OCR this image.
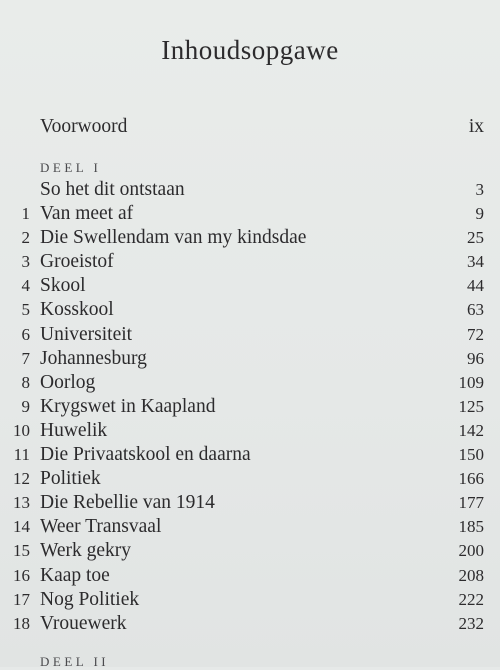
Inhoudsopgawe
Voorwoord	ix
DEEL I
So het dit ontstaan	3
1 Van meet af	9
2 Die Swellendam van my kindsdae	25
3 Groeistof	34
4 Skool	44
5 Kosskool	63
6 Universiteit	72
7 Johannesburg	96
8 Oorlog	109
9 Krygswet in Kaapland	125
10 Huwelik	142
11 Die Privaatskool en daarna	150
12 Politiek	166
13 Die Rebellie van 1914	177
14 Weer Transvaal	185
15 Werk gekry	200
16 Kaap toe	208
17 Nog Politiek	222
18 Vrouewerk	232
DEEL II
